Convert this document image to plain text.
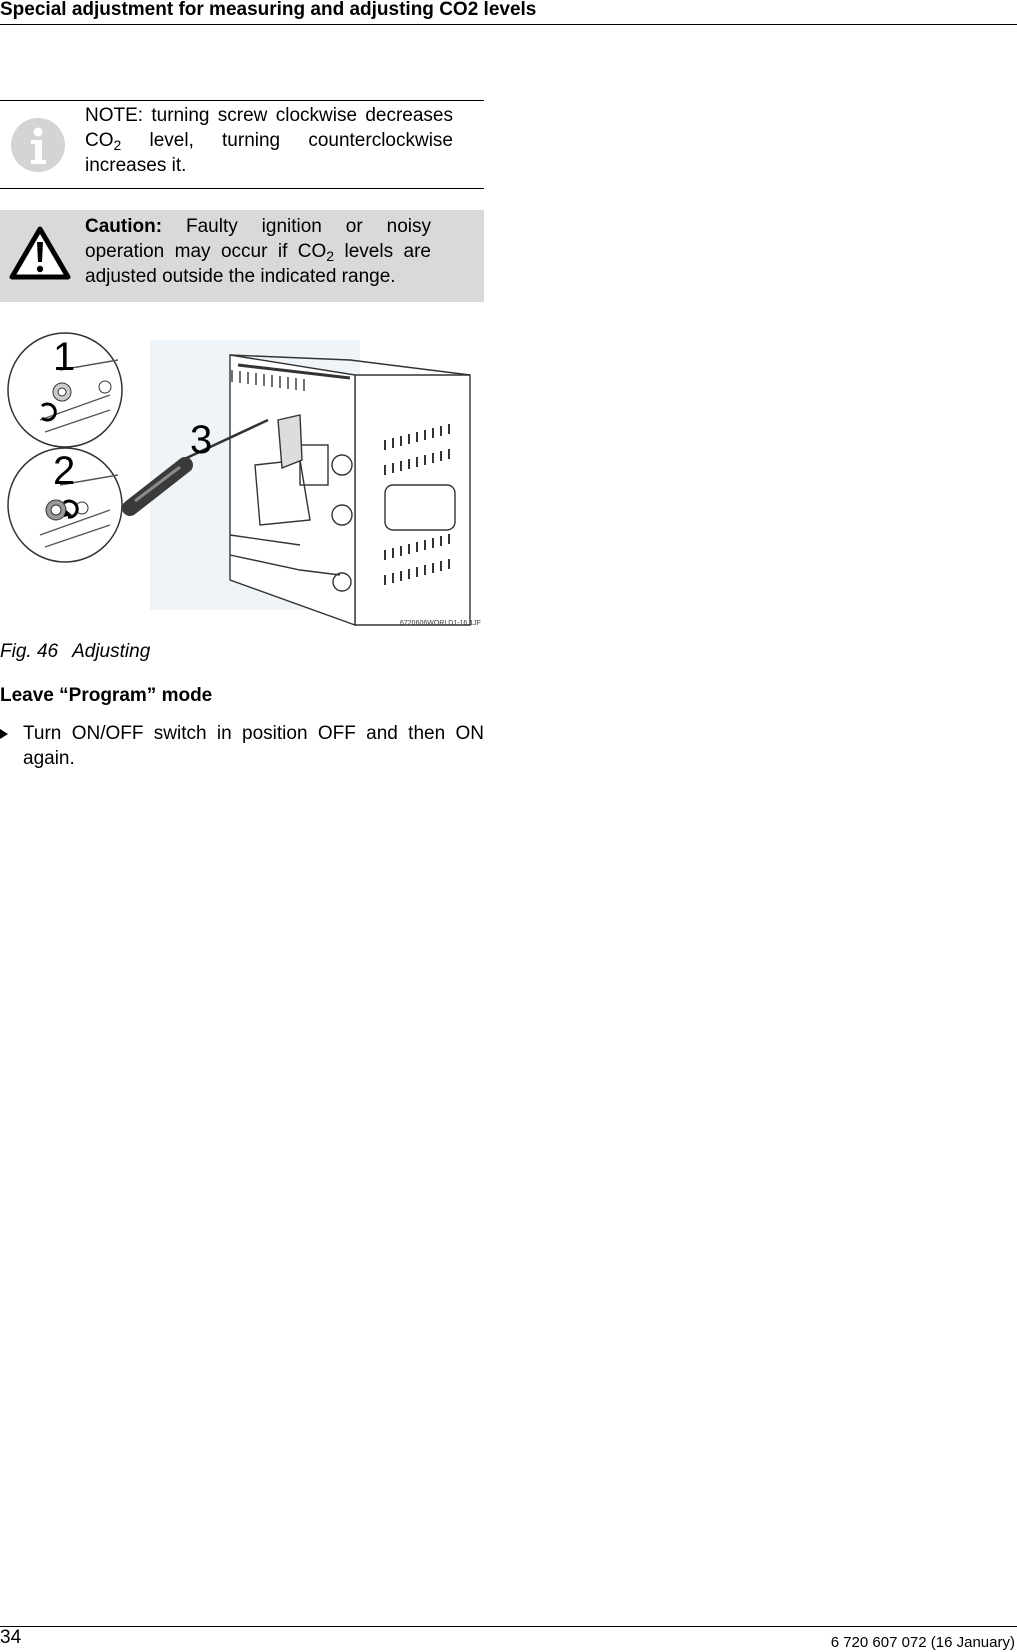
Special adjustment for measuring and adjusting CO2 levels
NOTE: turning screw clockwise decreases $CO_2$ level, turning counterclockwise increases it.
Caution: Faulty ignition or noisy operation may occur if $CO_2$ levels are adjusted outside the indicated range.
1
2
3
6720606WORLD1-16.1JF
Fig. 46 Adjusting
Leave “Program” mode
Turn ON/OFF switch in position OFF and then ON again.
34	6 720 607 072 (16 January)
